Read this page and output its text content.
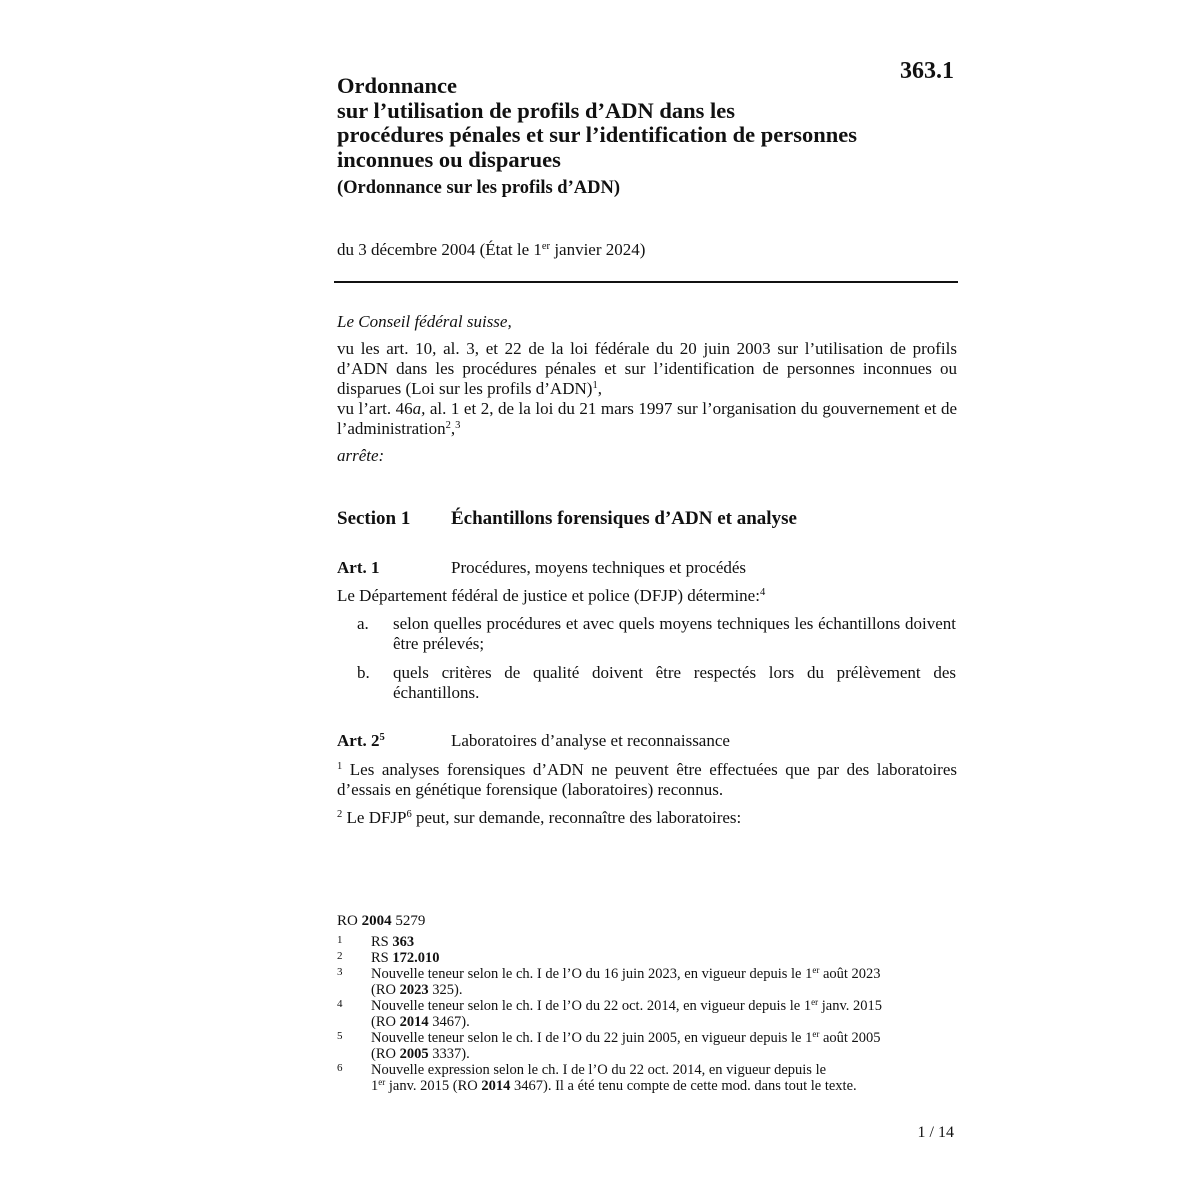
363.1
Ordonnance
sur l’utilisation de profils d’ADN dans les
procédures pénales et sur l’identification de personnes
inconnues ou disparues
(Ordonnance sur les profils d’ADN)
du 3 décembre 2004 (État le 1er janvier 2024)
Le Conseil fédéral suisse,
vu les art. 10, al. 3, et 22 de la loi fédérale du 20 juin 2003 sur l’utilisation de profils d’ADN dans les procédures pénales et sur l’identification de personnes inconnues ou disparues (Loi sur les profils d’ADN)$^1$,
vu l’art. 46a, al. 1 et 2, de la loi du 21 mars 1997 sur l’organisation du gouvernement et de l’administration$^2$,$^3$
arrête:
Section 1 Échantillons forensiques d’ADN et analyse
Art. 1	Procédures, moyens techniques et procédés
Le Département fédéral de justice et police (DFJP) détermine:$^4$
a. selon quelles procédures et avec quels moyens techniques les échantillons doivent être prélevés;
b. quels critères de qualité doivent être respectés lors du prélèvement des échantillons.
Art. $2^5$	Laboratoires d’analyse et reconnaissance
$^1$ Les analyses forensiques d’ADN ne peuvent être effectuées que par des laboratoires d’essais en génétique forensique (laboratoires) reconnus.
$^2$ Le DFJP$^6$ peut, sur demande, reconnaître des laboratoires:
RO 2004 5279
1 RS 363
2 RS 172.010
3 Nouvelle teneur selon le ch. I de l’O du 16 juin 2023, en vigueur depuis le 1er août 2023
(RO 2023 325).
4 Nouvelle teneur selon le ch. I de l’O du 22 oct. 2014, en vigueur depuis le 1er janv. 2015
(RO 2014 3467).
5 Nouvelle teneur selon le ch. I de l’O du 22 juin 2005, en vigueur depuis le 1er août 2005
(RO 2005 3337).
6 Nouvelle expression selon le ch. I de l’O du 22 oct. 2014, en vigueur depuis le
1er janv. 2015 (RO 2014 3467). Il a été tenu compte de cette mod. dans tout le texte.
1 / 14
